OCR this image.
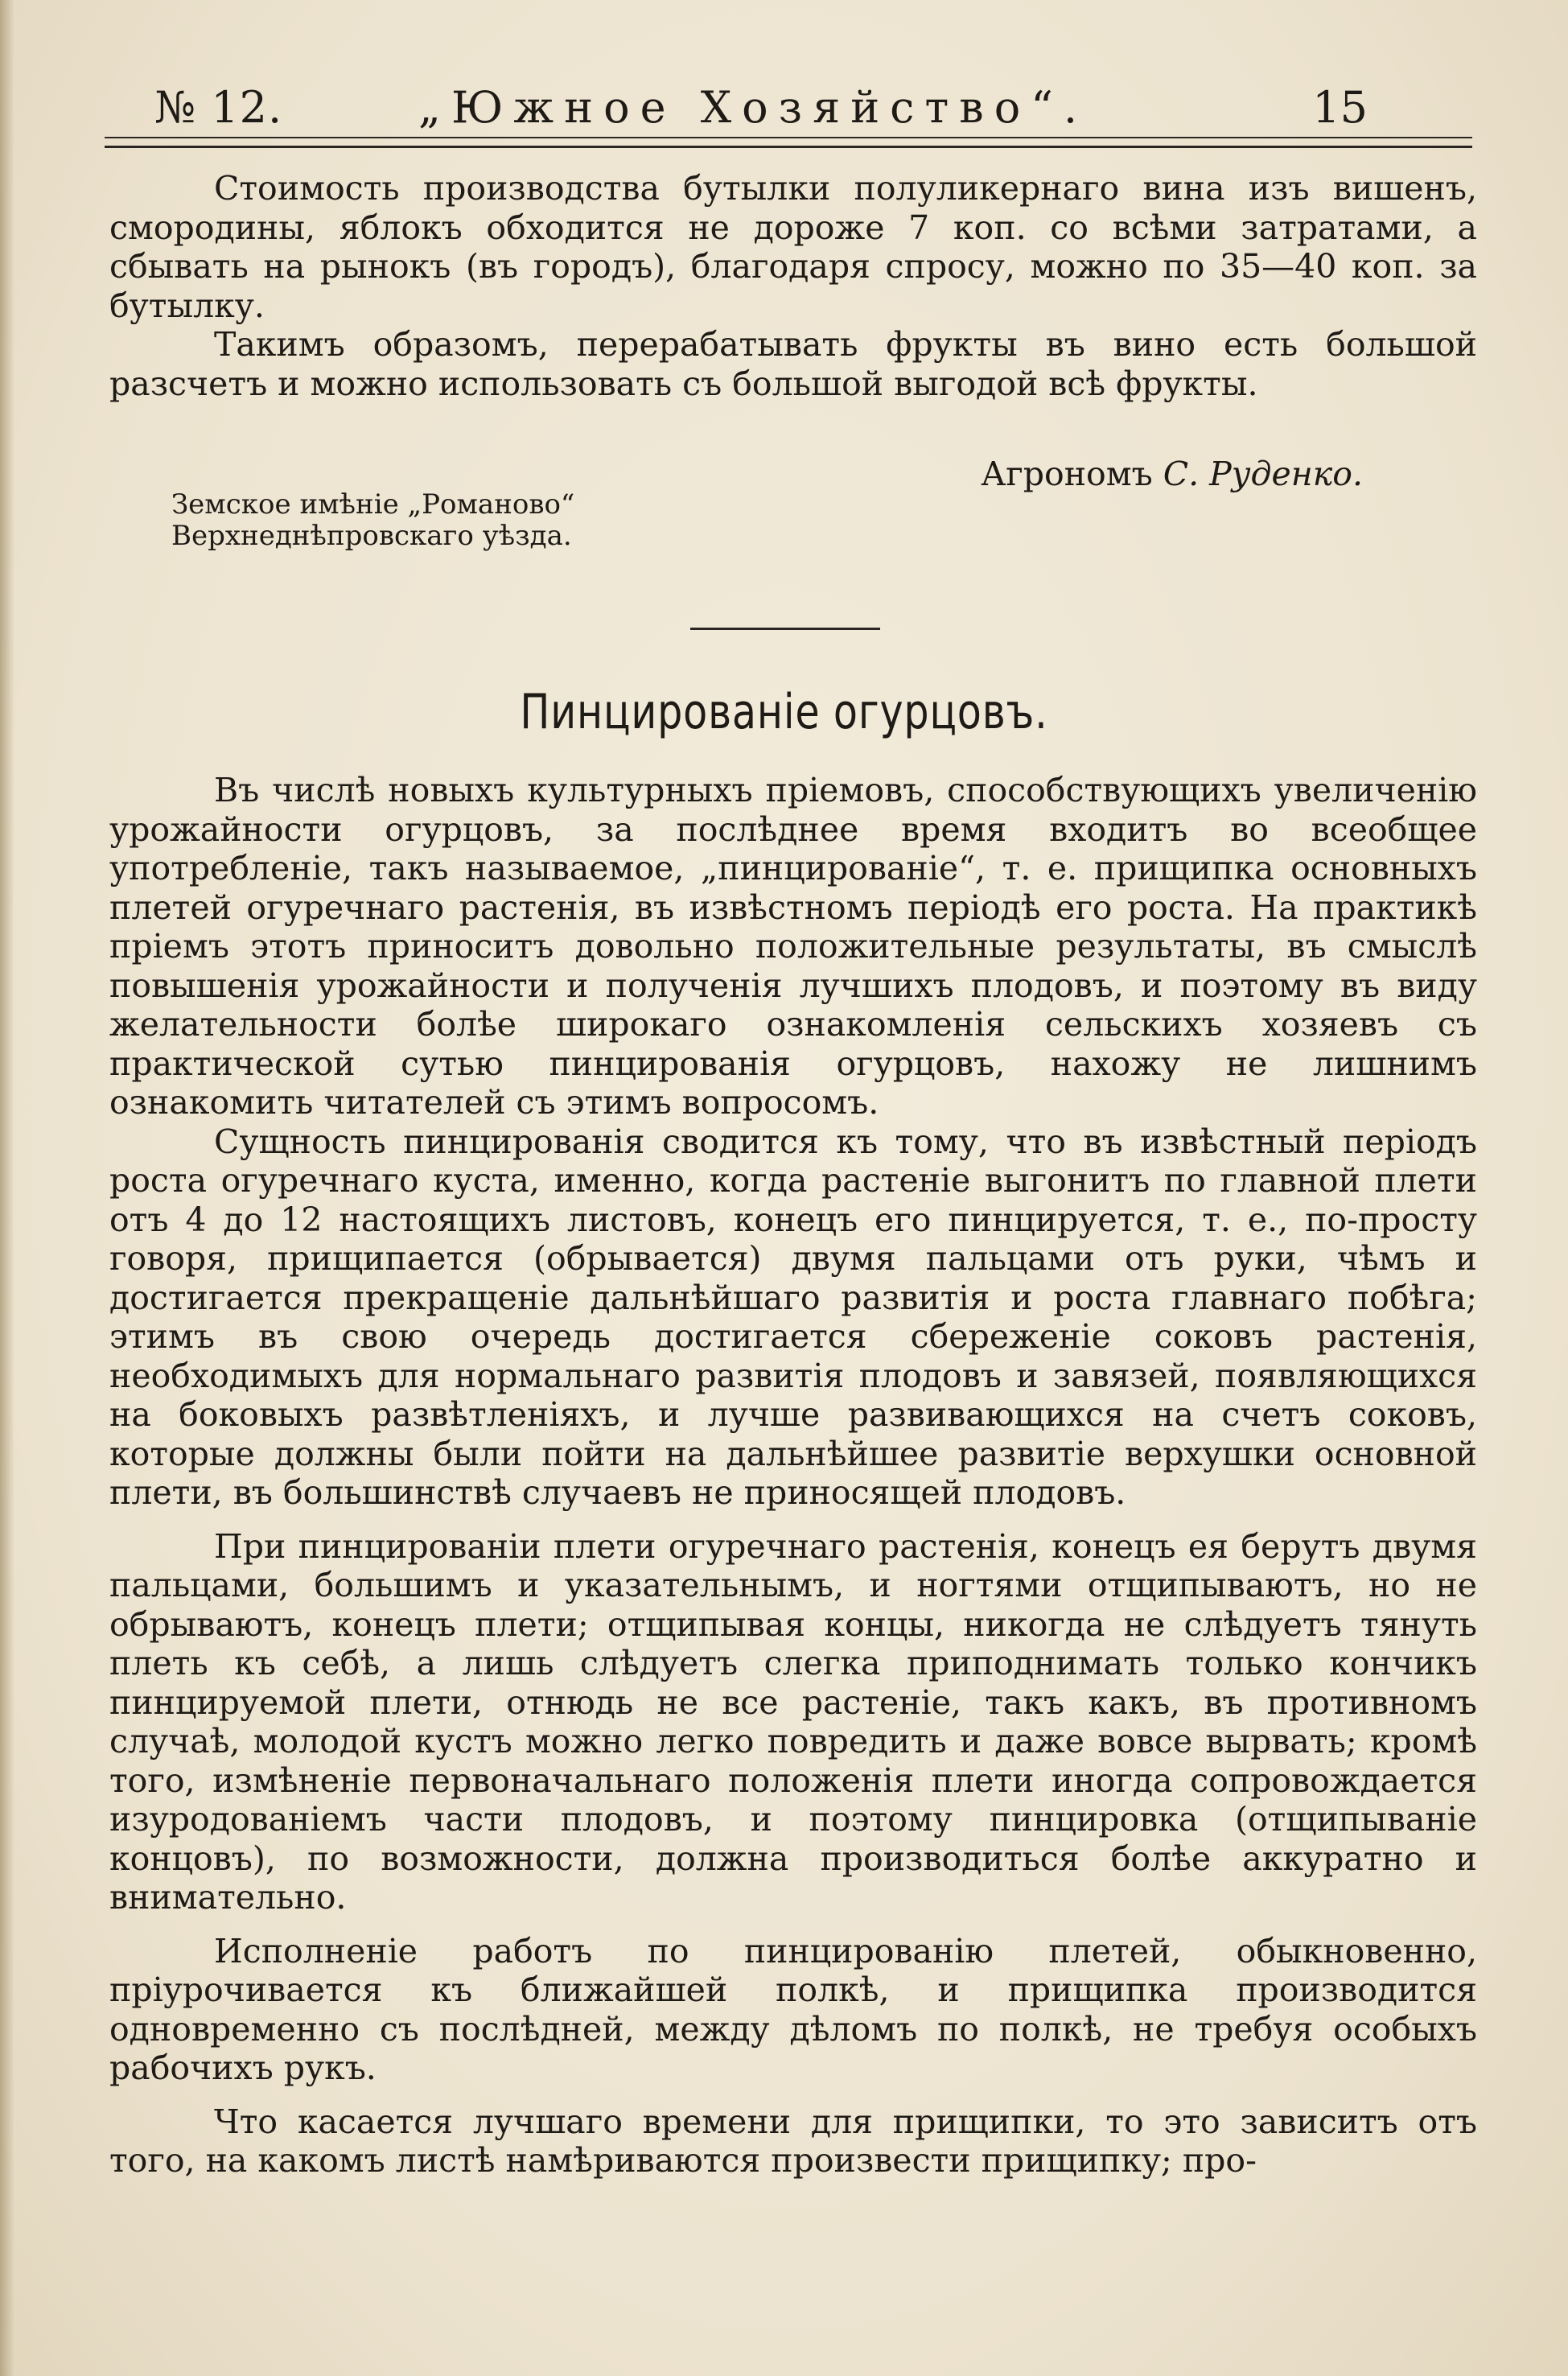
№ 12.	„Южное Хозяйство“.	15

Стоимость производства бутылки полуликернаго вина изъ вишенъ, смородины, яблокъ обходится не дороже 7 коп. со всѣми затратами, а сбывать на рынокъ (въ городъ), благодаря спросу, можно по 35—40 коп. за бутылку.

Такимъ образомъ, перерабатывать фрукты въ вино есть большой разсчетъ и можно использовать съ большой выгодой всѣ фрукты.

Агрономъ С. Руденко.
Земское имѣніе „Романово“
Верхнеднѣпровскаго уѣзда.
Пинцированіе огурцовъ.

Въ числѣ новыхъ культурныхъ пріемовъ, способствующихъ увеличенію урожайности огурцовъ, за послѣднее время входитъ во всеобщее употребленіе, такъ называемое, „пинцированіе“, т. е. прищипка основныхъ плетей огуречнаго растенія, въ извѣстномъ періодѣ его роста. На практикѣ пріемъ этотъ приноситъ довольно положительные результаты, въ смыслѣ повышенія урожайности и полученія лучшихъ плодовъ, и поэтому въ виду желательности болѣе широкаго ознакомленія сельскихъ хозяевъ съ практической сутью пинцированія огурцовъ, нахожу не лишнимъ ознакомить читателей съ этимъ вопросомъ.

Сущность пинцированія сводится къ тому, что въ извѣстный періодъ роста огуречнаго куста, именно, когда растеніе выгонитъ по главной плети отъ 4 до 12 настоящихъ листовъ, конецъ его пинцируется, т. е., по-просту говоря, прищипается (обрывается) двумя пальцами отъ руки, чѣмъ и достигается прекращеніе дальнѣйшаго развитія и роста главнаго побѣга; этимъ въ свою очередь достигается сбереженіе соковъ растенія, необходимыхъ для нормальнаго развитія плодовъ и завязей, появляющихся на боковыхъ развѣтленіяхъ, и лучше развивающихся на счетъ соковъ, которые должны были пойти на дальнѣйшее развитіе верхушки основной плети, въ большинствѣ случаевъ не приносящей плодовъ.

При пинцированіи плети огуречнаго растенія, конецъ ея берутъ двумя пальцами, большимъ и указательнымъ, и ногтями отщипываютъ, но не обрываютъ, конецъ плети; отщипывая концы, никогда не слѣдуетъ тянуть плеть къ себѣ, а лишь слѣдуетъ слегка приподнимать только кончикъ пинцируемой плети, отнюдь не все растеніе, такъ какъ, въ противномъ случаѣ, молодой кустъ можно легко повредить и даже вовсе вырвать; кромѣ того, измѣненіе первоначальнаго положенія плети иногда сопровождается изуродованіемъ части плодовъ, и поэтому пинцировка (отщипываніе концовъ), по возможности, должна производиться болѣе аккуратно и внимательно.

Исполненіе работъ по пинцированію плетей, обыкновенно, пріурочивается къ ближайшей полкѣ, и прищипка производится одновременно съ послѣдней, между дѣломъ по полкѣ, не требуя особыхъ рабочихъ рукъ.

Что касается лучшаго времени для прищипки, то это зависитъ отъ того, на какомъ листѣ намѣриваются произвести прищипку; про-
